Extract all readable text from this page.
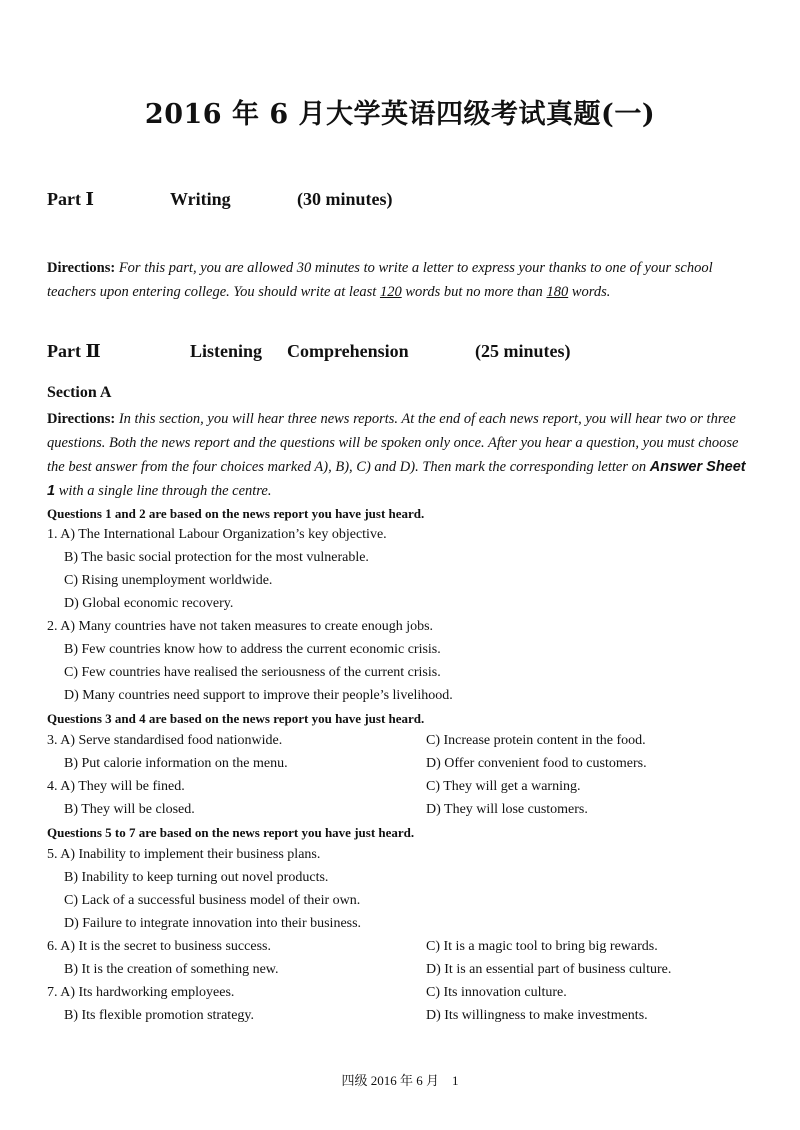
2016 年 6 月大学英语四级考试真题(一)
Part Ⅰ	Writing	(30 minutes)
Directions: For this part, you are allowed 30 minutes to write a letter to express your thanks to one of your school teachers upon entering college. You should write at least 120 words but no more than 180 words.
Part Ⅱ	Listening Comprehension	(25 minutes)
Section A
Directions: In this section, you will hear three news reports. At the end of each news report, you will hear two or three questions. Both the news report and the questions will be spoken only once. After you hear a question, you must choose the best answer from the four choices marked A), B), C) and D). Then mark the corresponding letter on Answer Sheet 1 with a single line through the centre.
Questions 1 and 2 are based on the news report you have just heard.
1. A) The International Labour Organization’s key objective.
B) The basic social protection for the most vulnerable.
C) Rising unemployment worldwide.
D) Global economic recovery.
2. A) Many countries have not taken measures to create enough jobs.
B) Few countries know how to address the current economic crisis.
C) Few countries have realised the seriousness of the current crisis.
D) Many countries need support to improve their people’s livelihood.
Questions 3 and 4 are based on the news report you have just heard.
3. A) Serve standardised food nationwide.	C) Increase protein content in the food.
B) Put calorie information on the menu.	D) Offer convenient food to customers.
4. A) They will be fined.	C) They will get a warning.
B) They will be closed.	D) They will lose customers.
Questions 5 to 7 are based on the news report you have just heard.
5. A) Inability to implement their business plans.
B) Inability to keep turning out novel products.
C) Lack of a successful business model of their own.
D) Failure to integrate innovation into their business.
6. A) It is the secret to business success.	C) It is a magic tool to bring big rewards.
B) It is the creation of something new.	D) It is an essential part of business culture.
7. A) Its hardworking employees.	C) Its innovation culture.
B) Its flexible promotion strategy.	D) Its willingness to make investments.
四级 2016 年 6 月　1
